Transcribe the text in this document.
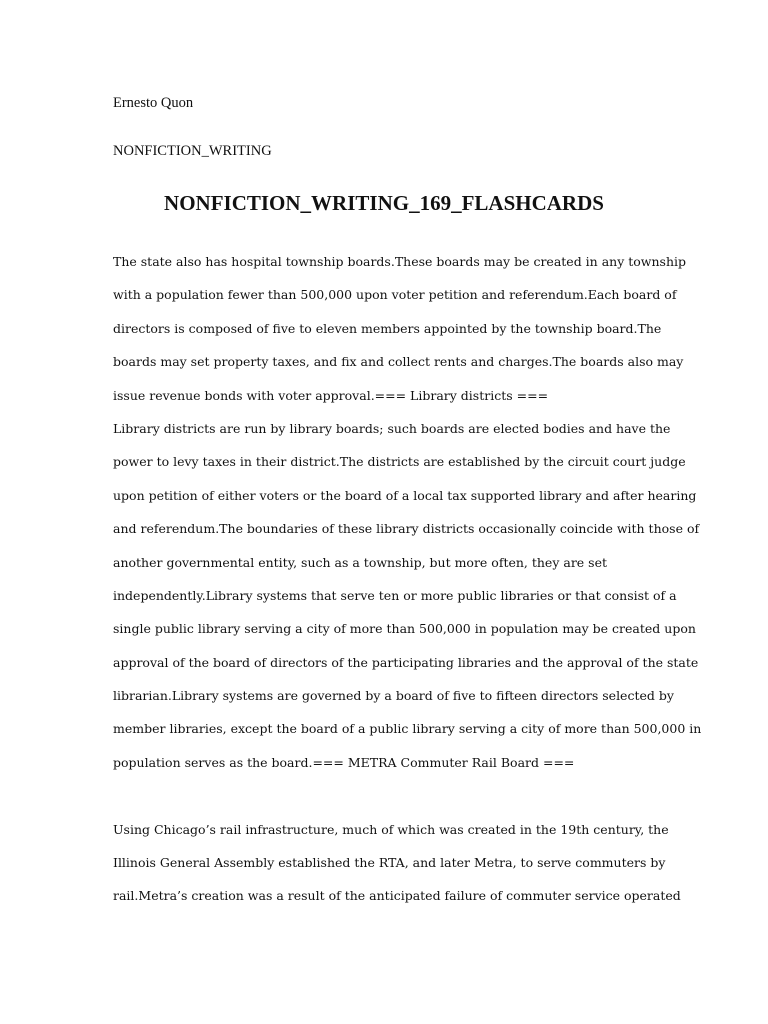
Ernesto Quon
NONFICTION_WRITING
NONFICTION_WRITING_169_FLASHCARDS
The state also has hospital township boards.These boards may be created in any township
with a population fewer than 500,000 upon voter petition and referendum.Each board of
directors is composed of five to eleven members appointed by the township board.The
boards may set property taxes, and fix and collect rents and charges.The boards also may
issue revenue bonds with voter approval.=== Library districts ===
Library districts are run by library boards; such boards are elected bodies and have the
power to levy taxes in their district.The districts are established by the circuit court judge
upon petition of either voters or the board of a local tax supported library and after hearing
and referendum.The boundaries of these library districts occasionally coincide with those of
another governmental entity, such as a township, but more often, they are set
independently.Library systems that serve ten or more public libraries or that consist of a
single public library serving a city of more than 500,000 in population may be created upon
approval of the board of directors of the participating libraries and the approval of the state
librarian.Library systems are governed by a board of five to fifteen directors selected by
member libraries, except the board of a public library serving a city of more than 500,000 in
population serves as the board.=== METRA Commuter Rail Board ===
Using Chicago’s rail infrastructure, much of which was created in the 19th century, the
Illinois General Assembly established the RTA, and later Metra, to serve commuters by
rail.Metra’s creation was a result of the anticipated failure of commuter service operated
